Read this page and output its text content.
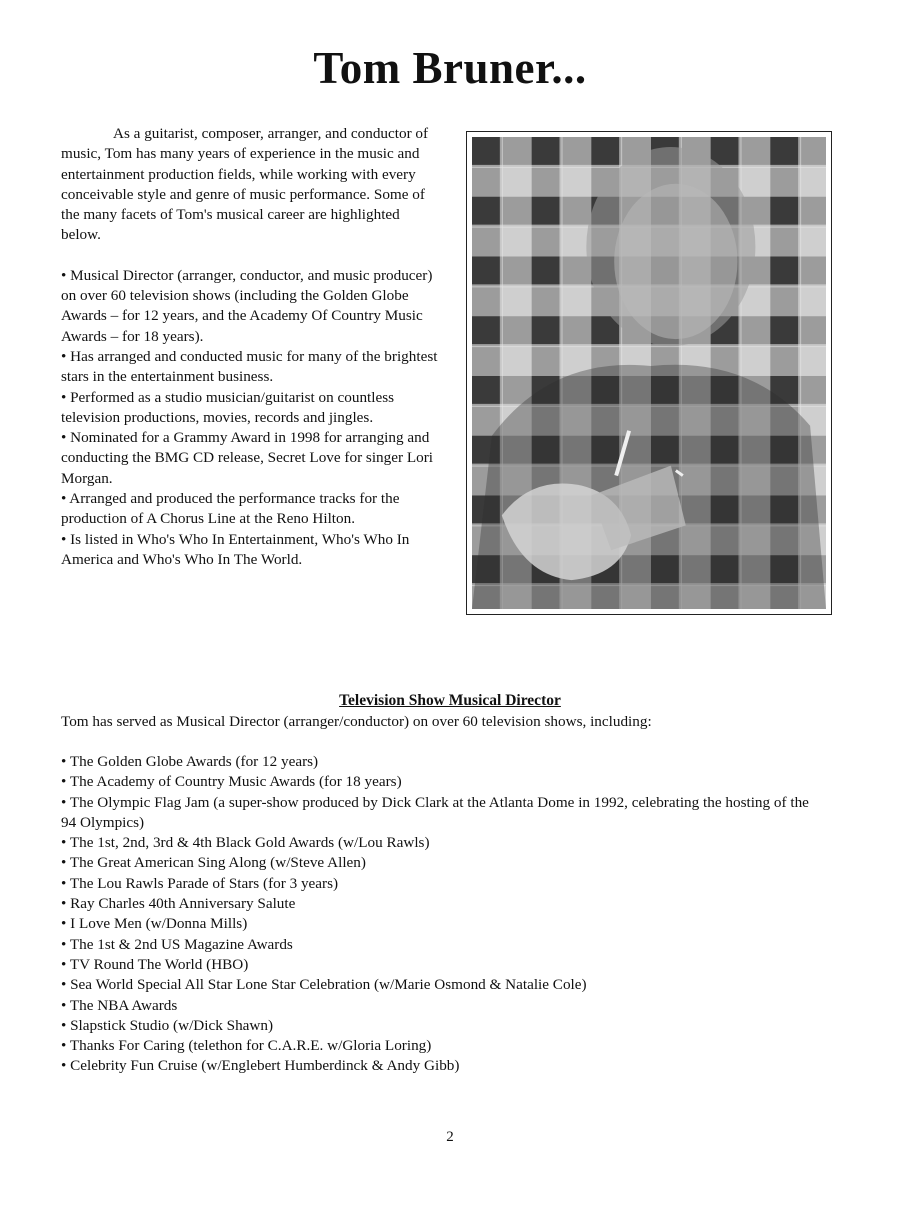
Tom Bruner...

As a guitarist, composer, arranger, and conductor of music, Tom has many years of experience in the music and entertainment production fields, while working with every conceivable style and genre of music performance. Some of the many facets of Tom's musical career are highlighted below.

• Musical Director (arranger, conductor, and music producer) on over 60 television shows (including the Golden Globe Awards – for 12 years, and the Academy Of Country Music Awards – for 18 years).
• Has arranged and conducted music for many of the brightest stars in the entertainment business.
• Performed as a studio musician/guitarist on countless television productions, movies, records and jingles.
• Nominated for a Grammy Award in 1998 for arranging and conducting the BMG CD release, Secret Love for singer Lori Morgan.
• Arranged and produced the performance tracks for the production of A Chorus Line at the Reno Hilton.
• Is listed in Who's Who In Entertainment, Who's Who In America and Who's Who In The World.
Television Show Musical Director
Tom has served as Musical Director (arranger/conductor) on over 60 television shows, including:
• The Golden Globe Awards (for 12 years)
• The Academy of Country Music Awards (for 18 years)
• The Olympic Flag Jam (a super-show produced by Dick Clark at the Atlanta Dome in 1992, celebrating the hosting of the 94 Olympics)
• The 1st, 2nd, 3rd & 4th Black Gold Awards (w/Lou Rawls)
• The Great American Sing Along (w/Steve Allen)
• The Lou Rawls Parade of Stars (for 3 years)
• Ray Charles 40th Anniversary Salute
• I Love Men (w/Donna Mills)
• The 1st & 2nd US Magazine Awards
• TV Round The World (HBO)
• Sea World Special All Star Lone Star Celebration (w/Marie Osmond & Natalie Cole)
• The NBA Awards
• Slapstick Studio (w/Dick Shawn)
• Thanks For Caring (telethon for C.A.R.E. w/Gloria Loring)
• Celebrity Fun Cruise (w/Englebert Humberdinck & Andy Gibb)
2
